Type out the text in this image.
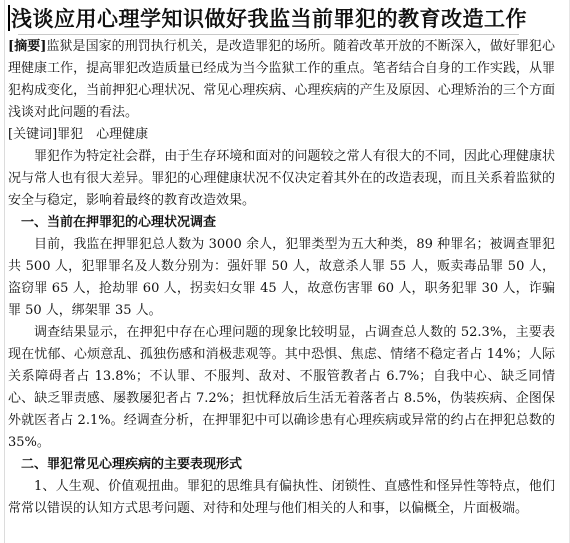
浅谈应用心理学知识做好我监当前罪犯的教育改造工作

[摘要]监狱是国家的刑罚执行机关，是改造罪犯的场所。随着改革开放的不断深入，做好罪犯心理健康工作，提高罪犯改造质量已经成为当今监狱工作的重点。笔者结合自身的工作实践，从罪犯构成变化，当前押犯心理状况、常见心理疾病、心理疾病的产生及原因、心理矫治的三个方面浅谈对此问题的看法。

[关键词]罪犯　心理健康

罪犯作为特定社会群，由于生存环境和面对的问题较之常人有很大的不同，因此心理健康状况与常人也有很大差异。罪犯的心理健康状况不仅决定着其外在的改造表现，而且关系着监狱的安全与稳定，影响着最终的教育改造效果。

一、当前在押罪犯的心理状况调查

目前，我监在押罪犯总人数为 3000 余人，犯罪类型为五大种类，89 种罪名；被调查罪犯共 500 人，犯罪罪名及人数分别为：强奸罪 50 人，故意杀人罪 55 人，贩卖毒品罪 50 人，盗窃罪 65 人，抢劫罪 60 人，拐卖妇女罪 45 人，故意伤害罪 60 人，职务犯罪 30 人，诈骗罪 50 人，绑架罪 35 人。

调查结果显示，在押犯中存在心理问题的现象比较明显，占调查总人数的 52.3%，主要表现在忧郁、心烦意乱、孤独伤感和消极悲观等。其中恐惧、焦虑、情绪不稳定者占 14%；人际关系障碍者占 13.8%；不认罪、不服判、敌对、不服管教者占 6.7%；自我中心、缺乏同情心、缺乏罪责感、屡教屡犯者占 7.2%；担忧释放后生活无着落者占 8.5%，伪装疾病、企图保外就医者占 2.1%。经调查分析，在押罪犯中可以确诊患有心理疾病或异常的约占在押犯总数的 35%。

二、罪犯常见心理疾病的主要表现形式

1、人生观、价值观扭曲。罪犯的思维具有偏执性、闭锁性、直感性和怪异性等特点，他们常常以错误的认知方式思考问题、对待和处理与他们相关的人和事，以偏概全，片面极端。
